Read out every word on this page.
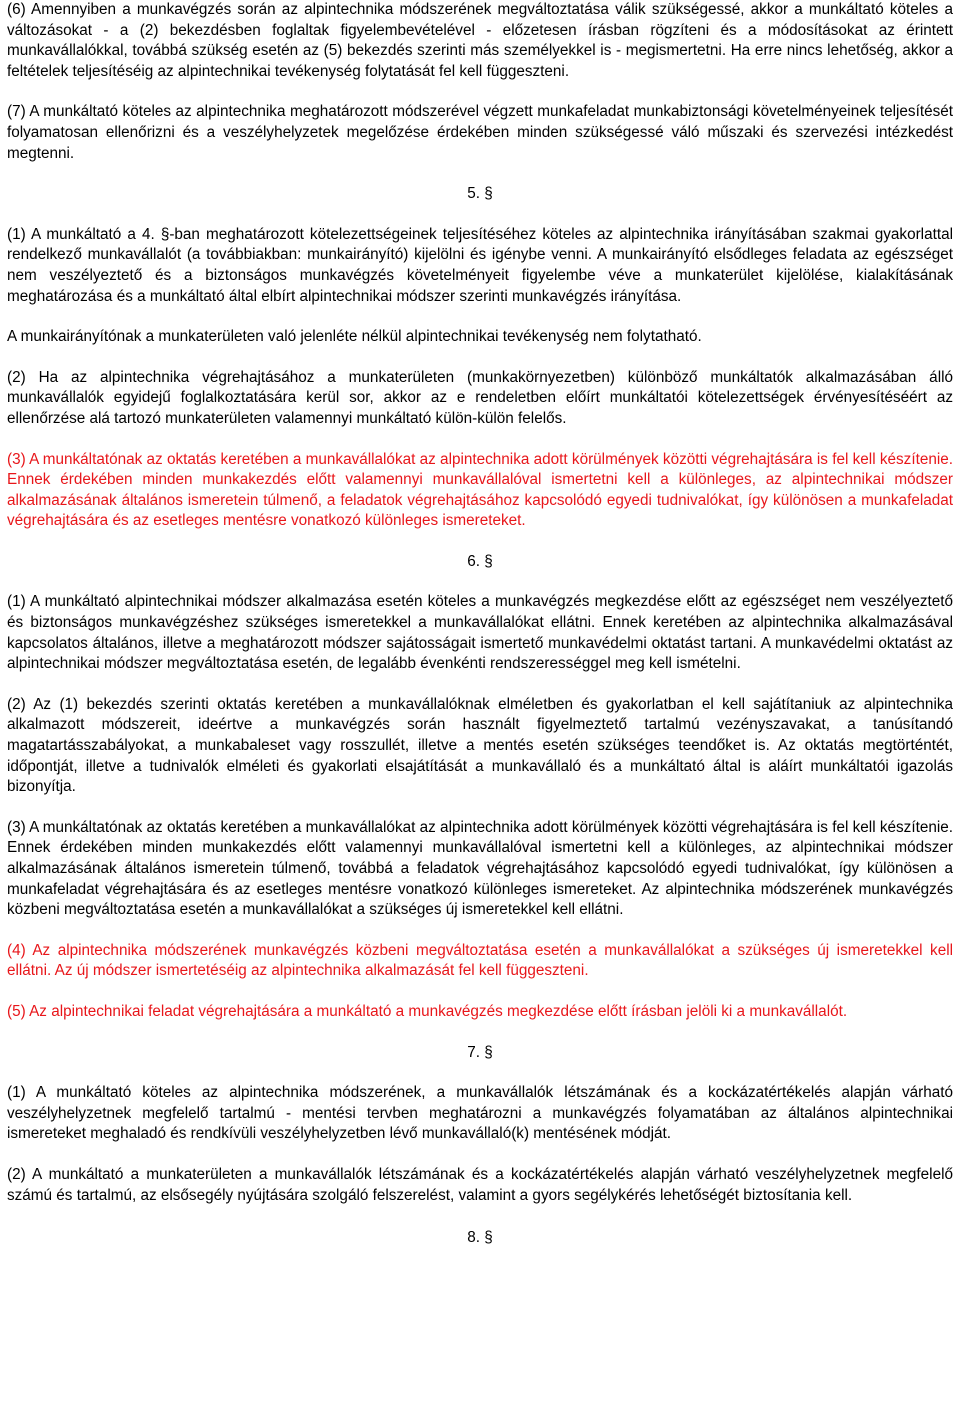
(6) Amennyiben a munkavégzés során az alpintechnika módszerének megváltoztatása válik szükségessé, akkor a munkáltató köteles a változásokat - a (2) bekezdésben foglaltak figyelembevételével - előzetesen írásban rögzíteni és a módosításokat az érintett munkavállalókkal, továbbá szükség esetén az (5) bekezdés szerinti más személyekkel is - megismertetni. Ha erre nincs lehetőség, akkor a feltételek teljesítéséig az alpintechnikai tevékenység folytatását fel kell függeszteni.

(7) A munkáltató köteles az alpintechnika meghatározott módszerével végzett munkafeladat munkabiztonsági követelményeinek teljesítését folyamatosan ellenőrizni és a veszélyhelyzetek megelőzése érdekében minden szükségessé váló műszaki és szervezési intézkedést megtenni.

5. §

(1) A munkáltató a 4. §-ban meghatározott kötelezettségeinek teljesítéséhez köteles az alpintechnika irányításában szakmai gyakorlattal rendelkező munkavállalót (a továbbiakban: munkairányító) kijelölni és igénybe venni. A munkairányító elsődleges feladata az egészséget nem veszélyeztető és a biztonságos munkavégzés követelményeit figyelembe véve a munkaterület kijelölése, kialakításának meghatározása és a munkáltató által elbírt alpintechnikai módszer szerinti munkavégzés irányítása.

A munkairányítónak a munkaterületen való jelenléte nélkül alpintechnikai tevékenység nem folytatható.

(2) Ha az alpintechnika végrehajtásához a munkaterületen (munkakörnyezetben) különböző munkáltatók alkalmazásában álló munkavállalók egyidejű foglalkoztatására kerül sor, akkor az e rendeletben előírt munkáltatói kötelezettségek érvényesítéséért az ellenőrzése alá tartozó munkaterületen valamennyi munkáltató külön-külön felelős.

(3) A munkáltatónak az oktatás keretében a munkavállalókat az alpintechnika adott körülmények közötti végrehajtására is fel kell készítenie. Ennek érdekében minden munkakezdés előtt valamennyi munkavállalóval ismertetni kell a különleges, az alpintechnikai módszer alkalmazásának általános ismeretein túlmenő, a feladatok végrehajtásához kapcsolódó egyedi tudnivalókat, így különösen a munkafeladat végrehajtására és az esetleges mentésre vonatkozó különleges ismereteket.

6. §

(1) A munkáltató alpintechnikai módszer alkalmazása esetén köteles a munkavégzés megkezdése előtt az egészséget nem veszélyeztető és biztonságos munkavégzéshez szükséges ismeretekkel a munkavállalókat ellátni. Ennek keretében az alpintechnika alkalmazásával kapcsolatos általános, illetve a meghatározott módszer sajátosságait ismertető munkavédelmi oktatást tartani. A munkavédelmi oktatást az alpintechnikai módszer megváltoztatása esetén, de legalább évenkénti rendszerességgel meg kell ismételni.

(2) Az (1) bekezdés szerinti oktatás keretében a munkavállalóknak elméletben és gyakorlatban el kell sajátítaniuk az alpintechnika alkalmazott módszereit, ideértve a munkavégzés során használt figyelmeztető tartalmú vezényszavakat, a tanúsítandó magatartásszabályokat, a munkabaleset vagy rosszullét, illetve a mentés esetén szükséges teendőket is. Az oktatás megtörténtét, időpontját, illetve a tudnivalók elméleti és gyakorlati elsajátítását a munkavállaló és a munkáltató által is aláírt munkáltatói igazolás bizonyítja.

(3) A munkáltatónak az oktatás keretében a munkavállalókat az alpintechnika adott körülmények közötti végrehajtására is fel kell készítenie. Ennek érdekében minden munkakezdés előtt valamennyi munkavállalóval ismertetni kell a különleges, az alpintechnikai módszer alkalmazásának általános ismeretein túlmenő, továbbá a feladatok végrehajtásához kapcsolódó egyedi tudnivalókat, így különösen a munkafeladat végrehajtására és az esetleges mentésre vonatkozó különleges ismereteket. Az alpintechnika módszerének munkavégzés közbeni megváltoztatása esetén a munkavállalókat a szükséges új ismeretekkel kell ellátni.

(4) Az alpintechnika módszerének munkavégzés közbeni megváltoztatása esetén a munkavállalókat a szükséges új ismeretekkel kell ellátni. Az új módszer ismertetéséig az alpintechnika alkalmazását fel kell függeszteni.

(5) Az alpintechnikai feladat végrehajtására a munkáltató a munkavégzés megkezdése előtt írásban jelöli ki a munkavállalót.

7. §

(1) A munkáltató köteles az alpintechnika módszerének, a munkavállalók létszámának és a kockázatértékelés alapján várható veszélyhelyzetnek megfelelő tartalmú - mentési tervben meghatározni a munkavégzés folyamatában az általános alpintechnikai ismereteket meghaladó és rendkívüli veszélyhelyzetben lévő munkavállaló(k) mentésének módját.

(2) A munkáltató a munkaterületen a munkavállalók létszámának és a kockázatértékelés alapján várható veszélyhelyzetnek megfelelő számú és tartalmú, az elsősegély nyújtására szolgáló felszerelést, valamint a gyors segélykérés lehetőségét biztosítania kell.

8. §
